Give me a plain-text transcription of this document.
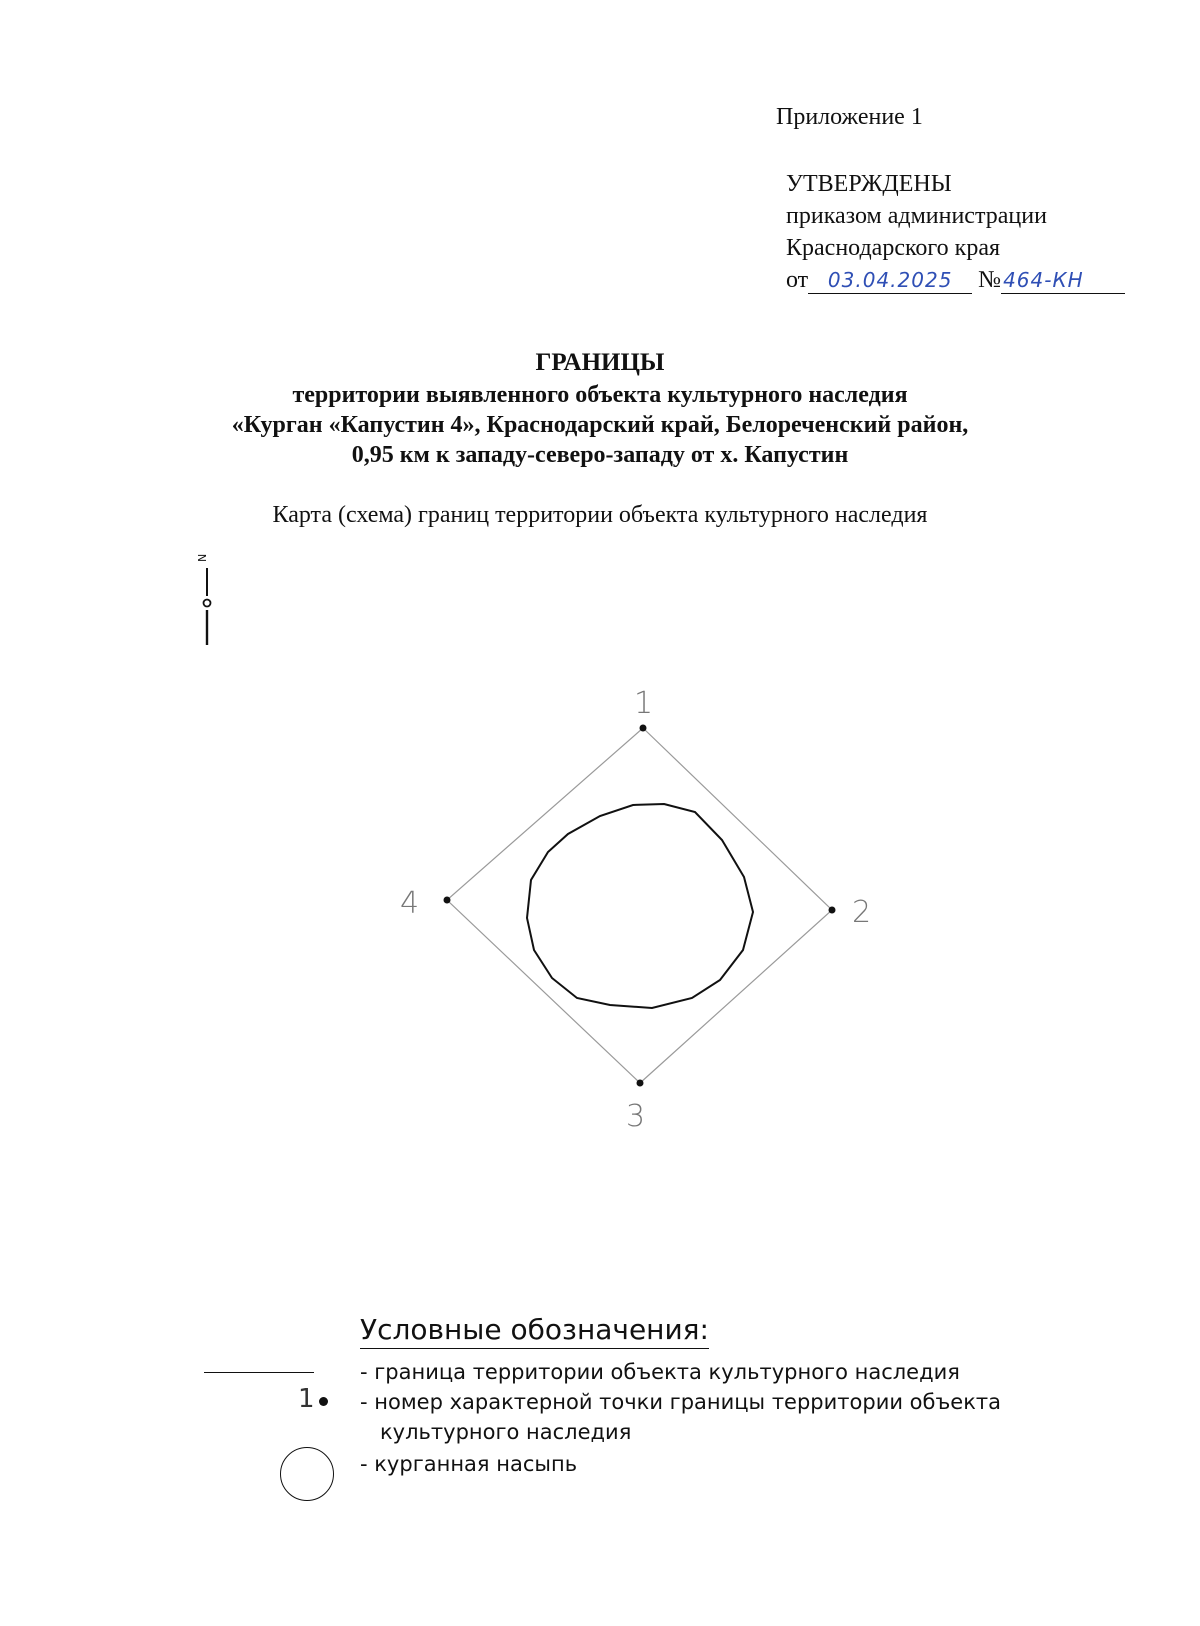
Приложение 1
УТВЕРЖДЕНЫ
приказом администрации
Краснодарского края
от 03.04.2025 № 464-КН
ГРАНИЦЫ
территории выявленного объекта культурного наследия
«Курган «Капустин 4», Краснодарский край, Белореченский район,
0,95 км к западу-северо-западу от х. Капустин
Карта (схема) границ территории объекта культурного наследия
N
1
2
3
4
Условные обозначения:
- граница территории объекта культурного наследия
1 - номер характерной точки границы территории объекта
культурного наследия
- курганная насыпь
